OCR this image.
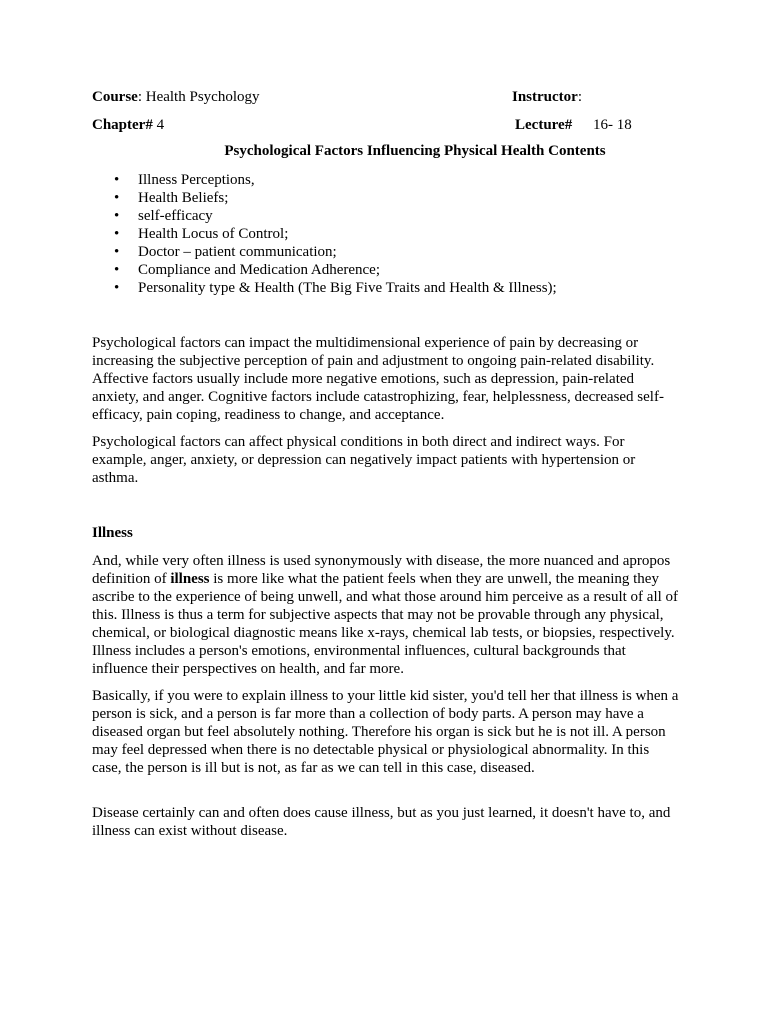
Course: Health Psychology	Instructor:
Chapter# 4	Lecture# 16- 18
Psychological Factors Influencing Physical Health Contents
• Illness Perceptions,
• Health Beliefs;
• self-efficacy
• Health Locus of Control;
• Doctor – patient communication;
• Compliance and Medication Adherence;
• Personality type & Health (The Big Five Traits and Health & Illness);

Psychological factors can impact the multidimensional experience of pain by decreasing or increasing the subjective perception of pain and adjustment to ongoing pain-related disability. Affective factors usually include more negative emotions, such as depression, pain-related anxiety, and anger. Cognitive factors include catastrophizing, fear, helplessness, decreased self-efficacy, pain coping, readiness to change, and acceptance.

Psychological factors can affect physical conditions in both direct and indirect ways. For example, anger, anxiety, or depression can negatively impact patients with hypertension or asthma.

Illness

And, while very often illness is used synonymously with disease, the more nuanced and apropos definition of illness is more like what the patient feels when they are unwell, the meaning they ascribe to the experience of being unwell, and what those around him perceive as a result of all of this. Illness is thus a term for subjective aspects that may not be provable through any physical, chemical, or biological diagnostic means like x-rays, chemical lab tests, or biopsies, respectively. Illness includes a person's emotions, environmental influences, cultural backgrounds that influence their perspectives on health, and far more.

Basically, if you were to explain illness to your little kid sister, you'd tell her that illness is when a person is sick, and a person is far more than a collection of body parts. A person may have a diseased organ but feel absolutely nothing. Therefore his organ is sick but he is not ill. A person may feel depressed when there is no detectable physical or physiological abnormality. In this case, the person is ill but is not, as far as we can tell in this case, diseased.

Disease certainly can and often does cause illness, but as you just learned, it doesn't have to, and illness can exist without disease.
